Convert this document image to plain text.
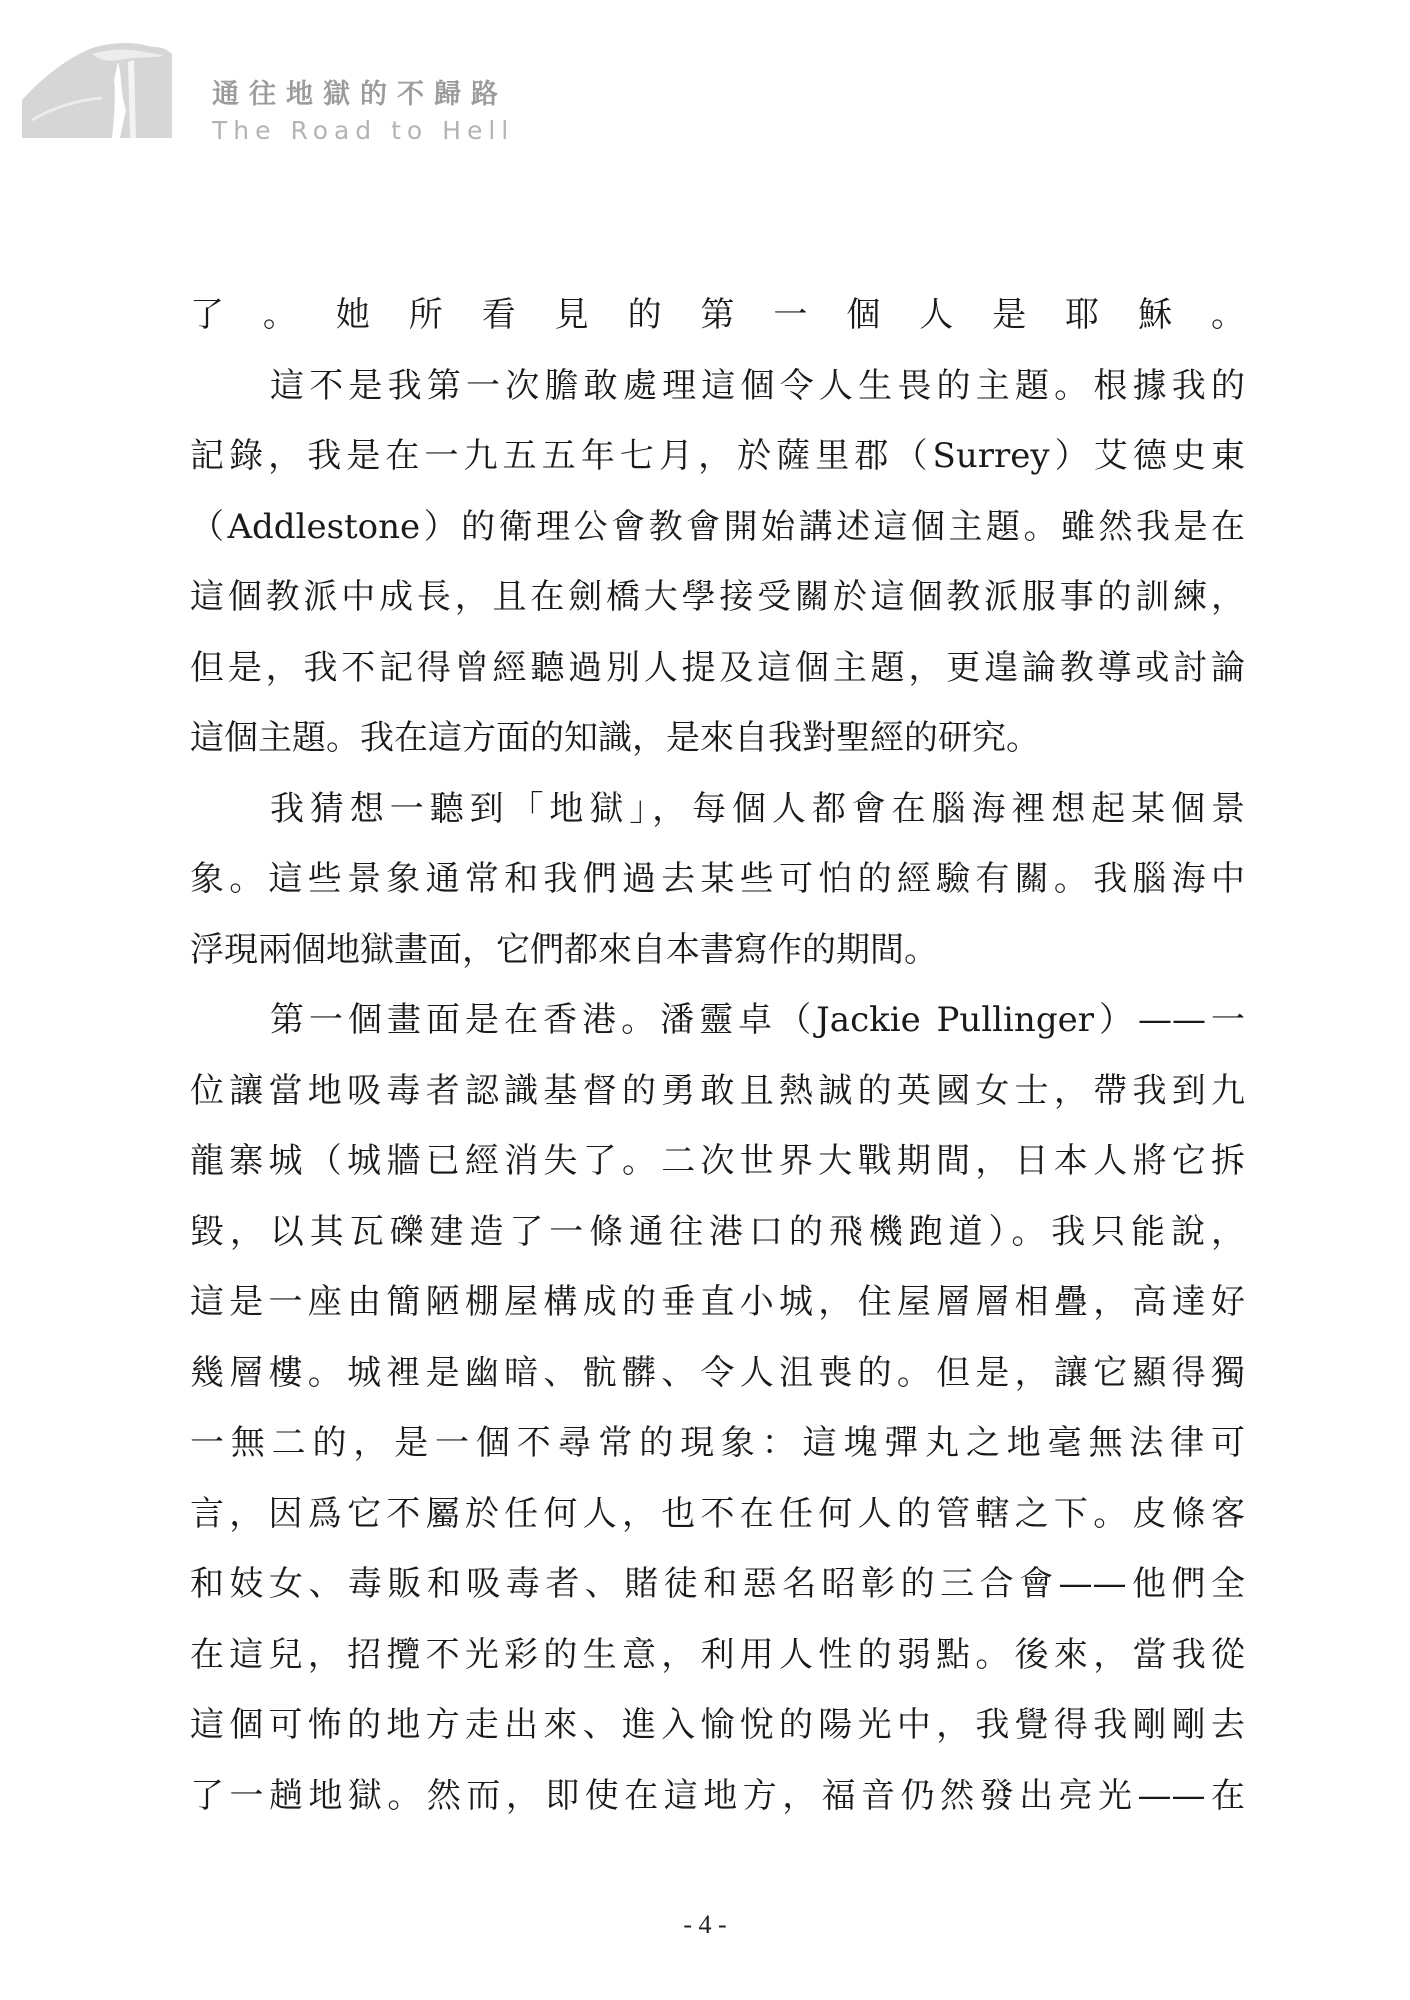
通往地獄的不歸路
The Road to Hell
了。她所看見的第一個人是耶穌。
這不是我第一次膽敢處理這個令人生畏的主題。根據我的
記錄，我是在一九五五年七月，於薩里郡（Surrey）艾德史東
（Addlestone）的衛理公會教會開始講述這個主題。雖然我是在
這個教派中成長，且在劍橋大學接受關於這個教派服事的訓練，
但是，我不記得曾經聽過別人提及這個主題，更遑論教導或討論
這個主題。我在這方面的知識，是來自我對聖經的研究。
我猜想一聽到「地獄」，每個人都會在腦海裡想起某個景
象。這些景象通常和我們過去某些可怕的經驗有關。我腦海中
浮現兩個地獄畫面，它們都來自本書寫作的期間。
第一個畫面是在香港。潘靈卓（Jackie Pullinger）——一
位讓當地吸毒者認識基督的勇敢且熱誠的英國女士，帶我到九
龍寨城（城牆已經消失了。二次世界大戰期間，日本人將它拆
毀，以其瓦礫建造了一條通往港口的飛機跑道）。我只能說，
這是一座由簡陋棚屋構成的垂直小城，住屋層層相疊，高達好
幾層樓。城裡是幽暗、骯髒、令人沮喪的。但是，讓它顯得獨
一無二的，是一個不尋常的現象：這塊彈丸之地毫無法律可
言，因爲它不屬於任何人，也不在任何人的管轄之下。皮條客
和妓女、毒販和吸毒者、賭徒和惡名昭彰的三合會——他們全
在這兒，招攬不光彩的生意，利用人性的弱點。後來，當我從
這個可怖的地方走出來、進入愉悅的陽光中，我覺得我剛剛去
了一趟地獄。然而，即使在這地方，福音仍然發出亮光——在
- 4 -
